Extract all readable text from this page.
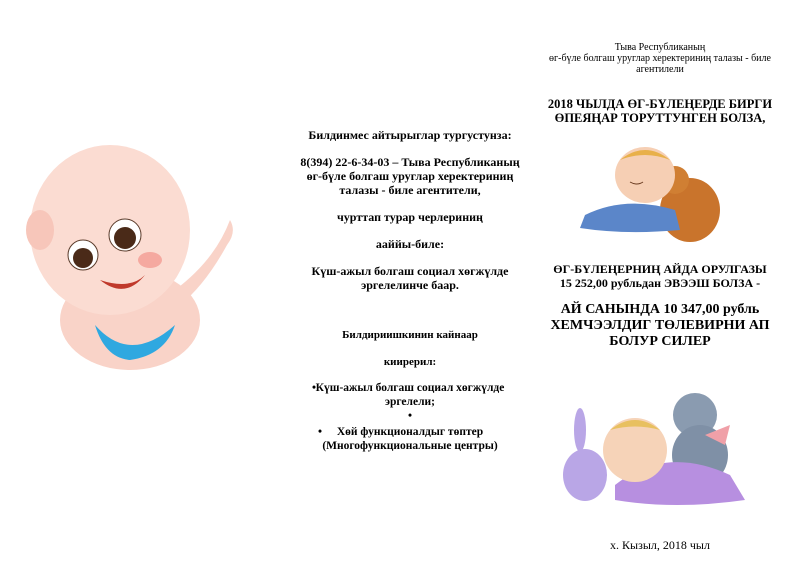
Билдинмес айтырыглар тургустунза:

8(394) 22-6-34-03 – Тыва Республиканың

өг-бүле болгаш уруглар херектериниң

талазы - биле агентители,

чурттап турар черлериниң

ааййы-биле:

Күш-ажыл болгаш социал хөгжүлде

эргелелинче баар.

Билдириишкинин кайнаар

киирерил:

• Күш-ажыл болгаш социал хөгжүлде
эргелели;
•
• Хөй функционалдыг төптер
(Многофункциональные центры)
Тыва Республиканың
өг-бүле болгаш уруглар херектериниң талазы - биле
агентилели
2018 ЧЫЛДА ӨГ-БҮЛЕҢЕРДЕ БИРГИ
ӨПЕЯҢАР ТОРУТТУНГЕН БОЛЗА,
ӨГ-БҮЛЕҢЕРНИҢ АЙДА ОРУЛГАЗЫ
15 252,00 рубльдан ЭВЭЭШ БОЛЗА -
АЙ САНЫНДА 10 347,00 рубль
ХЕМЧЭЭЛДИГ ТӨЛЕВИРНИ АП
БОЛУР СИЛЕР
х. Кызыл, 2018 чыл
